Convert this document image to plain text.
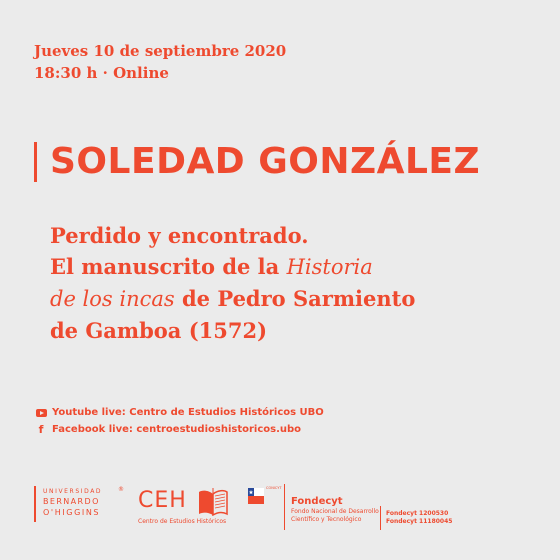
Jueves 10 de septiembre 2020
18:30 h · Online
SOLEDAD GONZÁLEZ
Perdido y encontrado.
El manuscrito de la Historia
de los incas de Pedro Sarmiento
de Gamboa (1572)
Youtube live: Centro de Estudios Históricos UBO
f Facebook live: centroestudioshistoricos.ubo
UNIVERSIDAD
BERNARDO
O'HIGGINS
® CEH
Centro de Estudios Históricos
CONICYT
Fondecyt
Fondo Nacional de Desarrollo
Científico y Tecnológico
Fondecyt 1200530
Fondecyt 11180045
